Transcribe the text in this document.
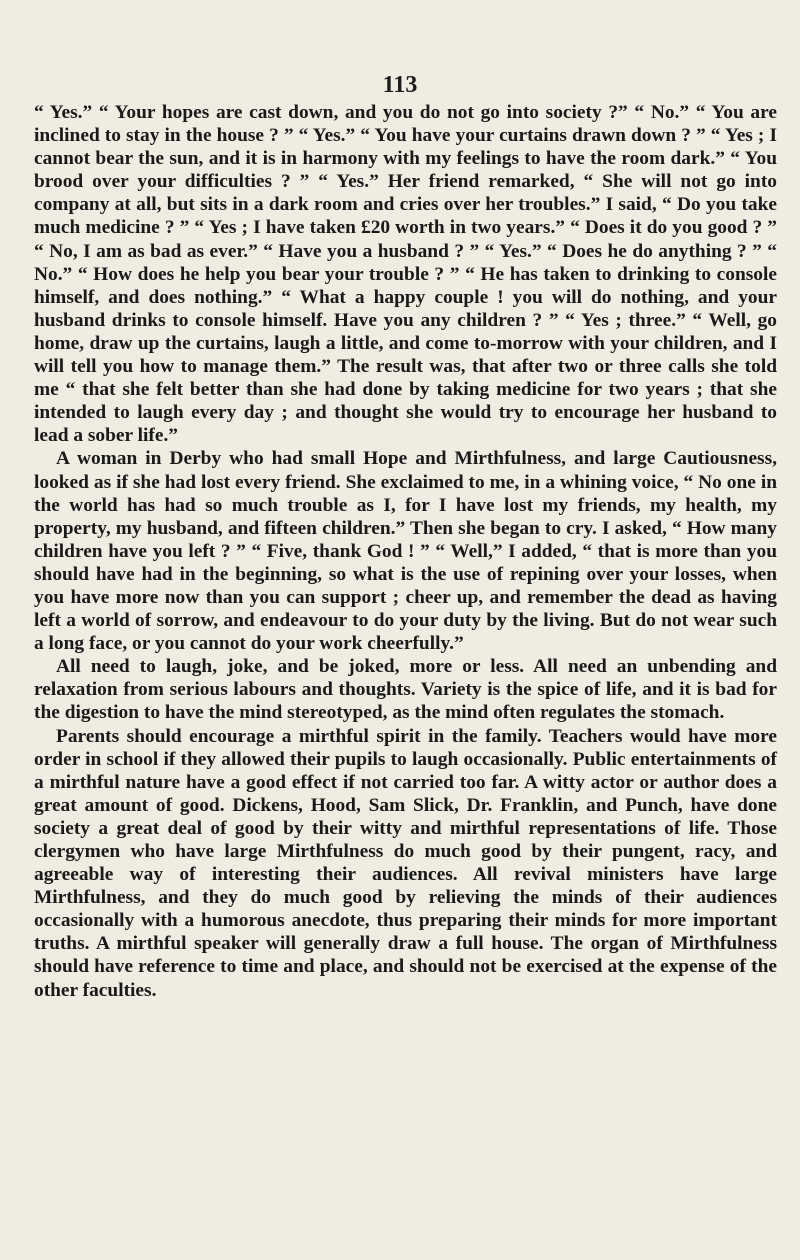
113

“ Yes.” “ Your hopes are cast down, and you do not go into society ?” “ No.” “ You are inclined to stay in the house ? ” “ Yes.” “ You have your curtains drawn down ? ” “ Yes ; I cannot bear the sun, and it is in harmony with my feelings to have the room dark.” “ You brood over your difficulties ? ” “ Yes.” Her friend remarked, “ She will not go into company at all, but sits in a dark room and cries over her troubles.” I said, “ Do you take much medicine ? ” “ Yes ; I have taken £20 worth in two years.” “ Does it do you good ? ” “ No, I am as bad as ever.” “ Have you a husband ? ” “ Yes.” “ Does he do anything ? ” “ No.” “ How does he help you bear your trouble ? ” “ He has taken to drinking to console himself, and does nothing.” “ What a happy couple ! you will do nothing, and your husband drinks to console himself. Have you any children ? ” “ Yes ; three.” “ Well, go home, draw up the curtains, laugh a little, and come to-morrow with your children, and I will tell you how to manage them.” The result was, that after two or three calls she told me “ that she felt better than she had done by taking medicine for two years ; that she intended to laugh every day ; and thought she would try to encourage her husband to lead a sober life.”

A woman in Derby who had small Hope and Mirthfulness, and large Cautiousness, looked as if she had lost every friend. She exclaimed to me, in a whining voice, “ No one in the world has had so much trouble as I, for I have lost my friends, my health, my property, my husband, and fifteen children.” Then she began to cry. I asked, “ How many children have you left ? ” “ Five, thank God ! ” “ Well,” I added, “ that is more than you should have had in the beginning, so what is the use of repining over your losses, when you have more now than you can support ; cheer up, and remember the dead as having left a world of sorrow, and endeavour to do your duty by the living. But do not wear such a long face, or you cannot do your work cheerfully.”

All need to laugh, joke, and be joked, more or less. All need an unbending and relaxation from serious labours and thoughts. Variety is the spice of life, and it is bad for the digestion to have the mind stereotyped, as the mind often regulates the stomach.

Parents should encourage a mirthful spirit in the family. Teachers would have more order in school if they allowed their pupils to laugh occasionally. Public entertainments of a mirthful nature have a good effect if not carried too far. A witty actor or author does a great amount of good. Dickens, Hood, Sam Slick, Dr. Franklin, and Punch, have done society a great deal of good by their witty and mirthful representations of life. Those clergymen who have large Mirthfulness do much good by their pungent, racy, and agreeable way of interesting their audiences. All revival ministers have large Mirthfulness, and they do much good by relieving the minds of their audiences occasionally with a humorous anecdote, thus preparing their minds for more important truths. A mirthful speaker will generally draw a full house. The organ of Mirthfulness should have reference to time and place, and should not be exercised at the expense of the other faculties.
